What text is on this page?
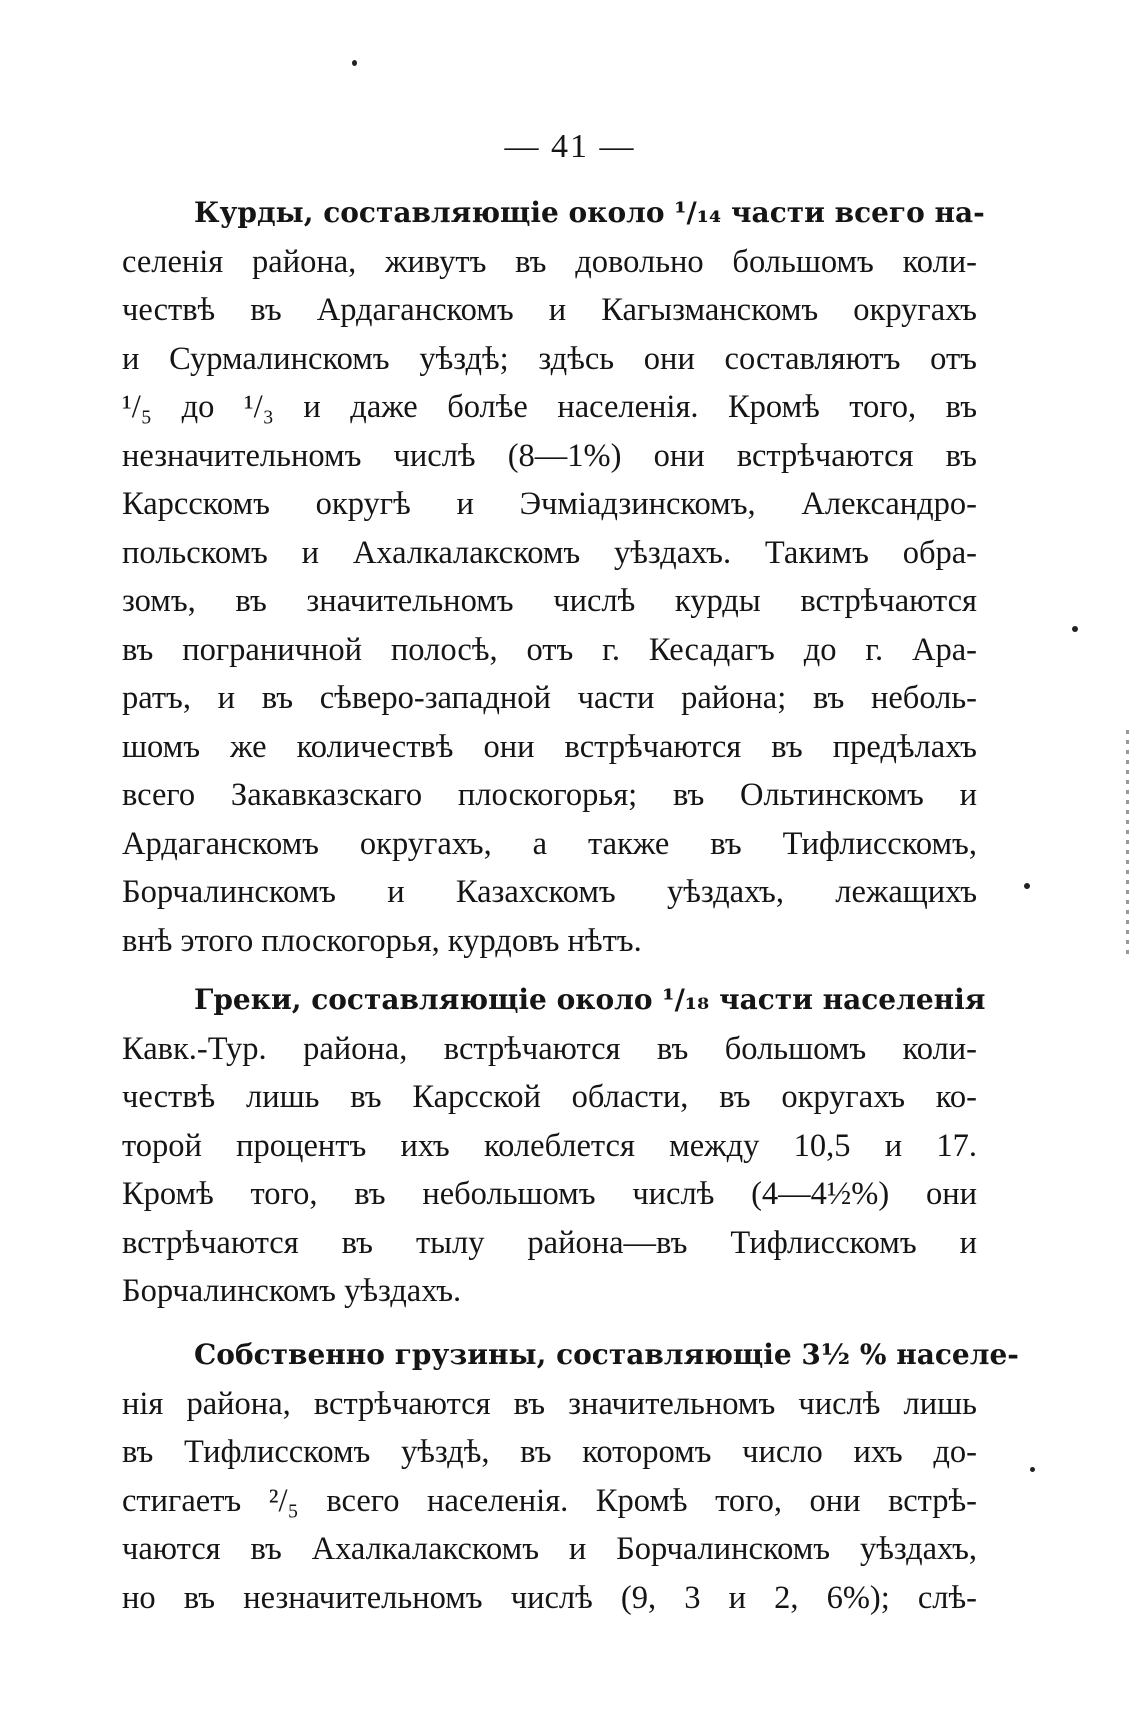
— 41 —
Курды, составляющіе около ¹/₁₄ части всего на-
селенія района, живутъ въ довольно большомъ коли-
чествѣ въ Ардаганскомъ и Кагызманскомъ округахъ
и Сурмалинскомъ уѣздѣ; здѣсь они составляютъ отъ
¹/₅ до ¹/₃ и даже болѣе населенія. Кромѣ того, въ
незначительномъ числѣ (8—1%) они встрѣчаются въ
Карсскомъ округѣ и Эчміадзинскомъ, Александро-
польскомъ и Ахалкалакскомъ уѣздахъ. Такимъ обра-
зомъ, въ значительномъ числѣ курды встрѣчаются
въ пограничной полосѣ, отъ г. Кесадагъ до г. Ара-
ратъ, и въ сѣверо-западной части района; въ неболь-
шомъ же количествѣ они встрѣчаются въ предѣлахъ
всего Закавказскаго плоскогорья; въ Ольтинскомъ и
Ардаганскомъ округахъ, а также въ Тифлисскомъ,
Борчалинскомъ и Казахскомъ уѣздахъ, лежащихъ
внѣ этого плоскогорья, курдовъ нѣтъ.
Греки, составляющіе около ¹/₁₈ части населенія
Кавк.-Тур. района, встрѣчаются въ большомъ коли-
чествѣ лишь въ Карсской области, въ округахъ ко-
торой процентъ ихъ колеблется между 10,5 и 17.
Кромѣ того, въ небольшомъ числѣ (4—4½%) они
встрѣчаются въ тылу района—въ Тифлисскомъ и
Борчалинскомъ уѣздахъ.
Собственно грузины, составляющіе 3½ % населе-
нія района, встрѣчаются въ значительномъ числѣ лишь
въ Тифлисскомъ уѣздѣ, въ которомъ число ихъ до-
стигаетъ ²/₅ всего населенія. Кромѣ того, они встрѣ-
чаются въ Ахалкалакскомъ и Борчалинскомъ уѣздахъ,
но въ незначительномъ числѣ (9, 3 и 2, 6%); слѣ-
